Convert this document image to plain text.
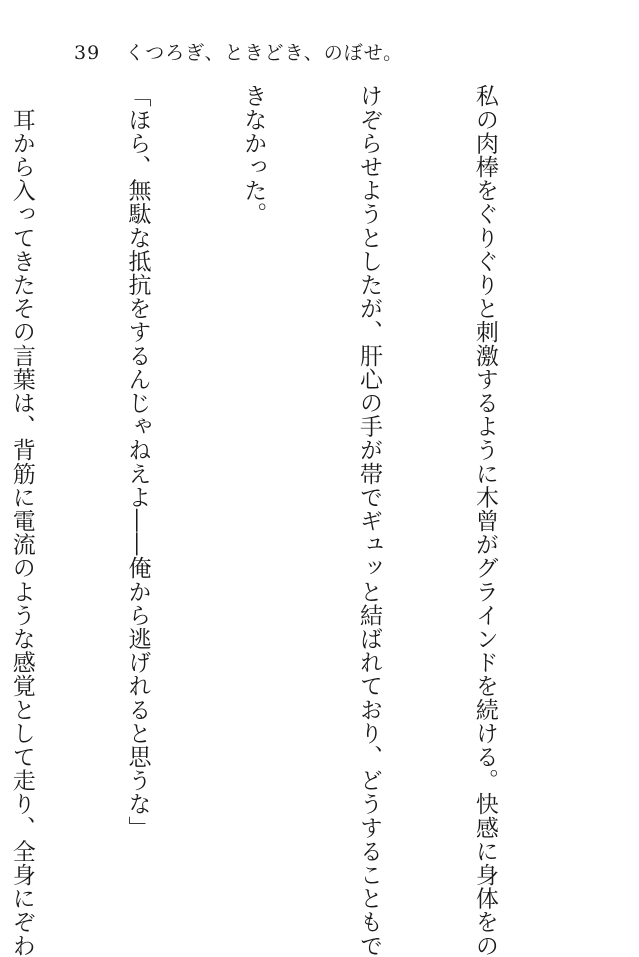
39 くつろぎ、ときどき、のぼせ。

私の肉棒をぐりぐりと刺激するように木曾がグラインドを続ける。快感に身体をの

けぞらせようとしたが、肝心の手が帯でギュッと結ばれており、どうすることもで

きなかった。

「ほら、無駄な抵抗をするんじゃねえよ――俺から逃げれると思うな」

　耳から入ってきたその言葉は、背筋に電流のような感覚として走り、全身にぞわ
